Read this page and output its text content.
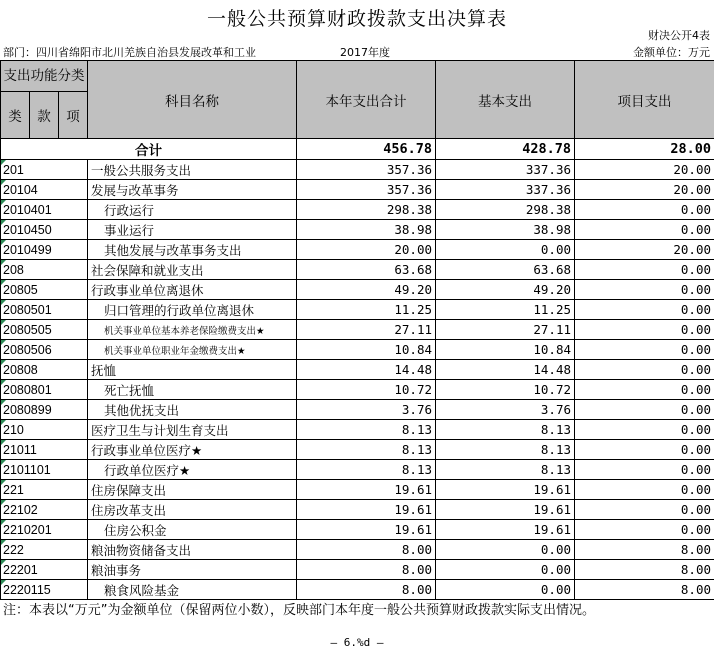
一般公共预算财政拨款支出决算表
财决公开4表
部门：四川省绵阳市北川羌族自治县发展改革和工业	2017年度	金额单位：万元
支出功能分类			科目名称	本年支出合计	基本支出	项目支出
类	款	项				
合计				456.78	428.78	28.00

201			一般公共服务支出	357.36	337.36	20.00

20104			发展与改革事务	357.36	337.36	20.00

2010401			行政运行	298.38	298.38	0.00

2010450			事业运行	38.98	38.98	0.00

2010499			其他发展与改革事务支出	20.00	0.00	20.00

208			社会保障和就业支出	63.68	63.68	0.00

20805			行政事业单位离退休	49.20	49.20	0.00

2080501			归口管理的行政单位离退休	11.25	11.25	0.00

2080505			机关事业单位基本养老保险缴费支出★	27.11	27.11	0.00

2080506			机关事业单位职业年金缴费支出★	10.84	10.84	0.00

20808			抚恤	14.48	14.48	0.00

2080801			死亡抚恤	10.72	10.72	0.00

2080899			其他优抚支出	3.76	3.76	0.00

210			医疗卫生与计划生育支出	8.13	8.13	0.00

21011			行政事业单位医疗★	8.13	8.13	0.00

2101101			行政单位医疗★	8.13	8.13	0.00

221			住房保障支出	19.61	19.61	0.00

22102			住房改革支出	19.61	19.61	0.00

2210201			住房公积金	19.61	19.61	0.00

222			粮油物资储备支出	8.00	0.00	8.00

22201			粮油事务	8.00	0.00	8.00

2220115			粮食风险基金	8.00	0.00	8.00
注：本表以“万元”为金额单位（保留两位小数），反映部门本年度一般公共预算财政拨款实际支出情况。
— 6.%d —
